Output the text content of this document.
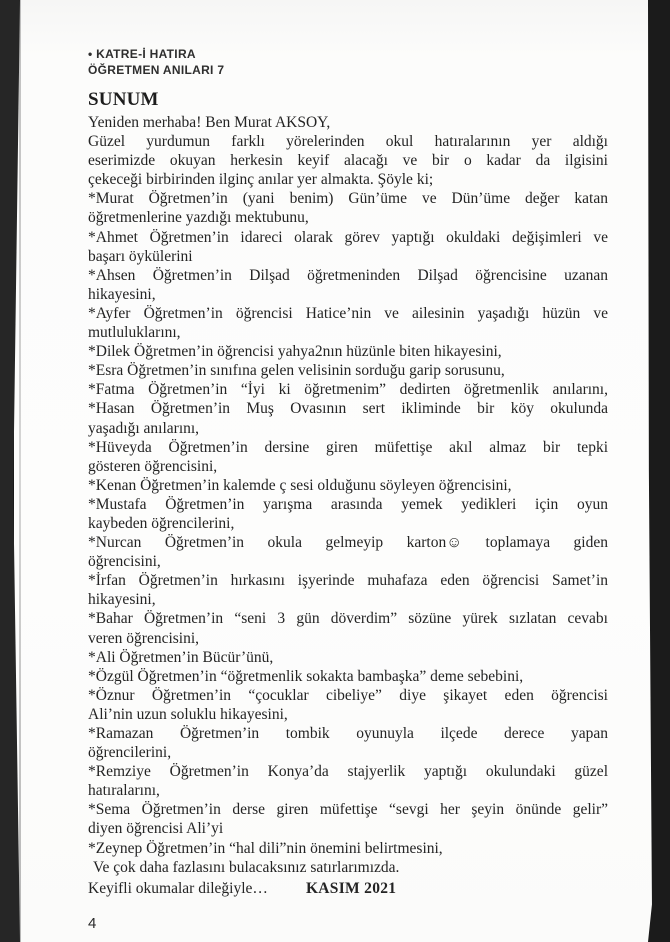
• KATRE-İ HATIRA
ÖĞRETMEN ANILARI 7
SUNUM
Yeniden merhaba! Ben Murat AKSOY,
Güzel yurdumun farklı yörelerinden okul hatıralarının yer aldığı
eserimizde okuyan herkesin keyif alacağı ve bir o kadar da ilgisini
çekeceği birbirinden ilginç anılar yer almakta. Şöyle ki;
*Murat Öğretmen’in (yani benim) Gün’üme ve Dün’üme değer katan
öğretmenlerine yazdığı mektubunu,
*Ahmet Öğretmen’in idareci olarak görev yaptığı okuldaki değişimleri ve
başarı öykülerini
*Ahsen Öğretmen’in Dilşad öğretmeninden Dilşad öğrencisine uzanan
hikayesini,
*Ayfer Öğretmen’in öğrencisi Hatice’nin ve ailesinin yaşadığı hüzün ve
mutluluklarını,
*Dilek Öğretmen’in öğrencisi yahya2nın hüzünle biten hikayesini,
*Esra Öğretmen’in sınıfına gelen velisinin sorduğu garip sorusunu,
*Fatma Öğretmen’in “İyi ki öğretmenim” dedirten öğretmenlik anılarını,
*Hasan Öğretmen’in Muş Ovasının sert ikliminde bir köy okulunda
yaşadığı anılarını,
*Hüveyda Öğretmen’in dersine giren müfettişe akıl almaz bir tepki
gösteren öğrencisini,
*Kenan Öğretmen’in kalemde ç sesi olduğunu söyleyen öğrencisini,
*Mustafa Öğretmen’in yarışma arasında yemek yedikleri için oyun
kaybeden öğrencilerini,
*Nurcan Öğretmen’in okula gelmeyip karton☺ toplamaya giden
öğrencisini,
*İrfan Öğretmen’in hırkasını işyerinde muhafaza eden öğrencisi Samet’in
hikayesini,
*Bahar Öğretmen’in “seni 3 gün döverdim” sözüne yürek sızlatan cevabı
veren öğrencisini,
*Ali Öğretmen’in Bücür’ünü,
*Özgül Öğretmen’in “öğretmenlik sokakta bambaşka” deme sebebini,
*Öznur Öğretmen’in “çocuklar cibeliye” diye şikayet eden öğrencisi
Ali’nin uzun soluklu hikayesini,
*Ramazan Öğretmen’in tombik oyunuyla ilçede derece yapan
öğrencilerini,
*Remziye Öğretmen’in Konya’da stajyerlik yaptığı okulundaki güzel
hatıralarını,
*Sema Öğretmen’in derse giren müfettişe “sevgi her şeyin önünde gelir”
diyen öğrencisi Ali’yi
*Zeynep Öğretmen’in “hal dili”nin önemini belirtmesini,
Ve çok daha fazlasını bulacaksınız satırlarımızda.
Keyifli okumalar dileğiyle… KASIM 2021
4
